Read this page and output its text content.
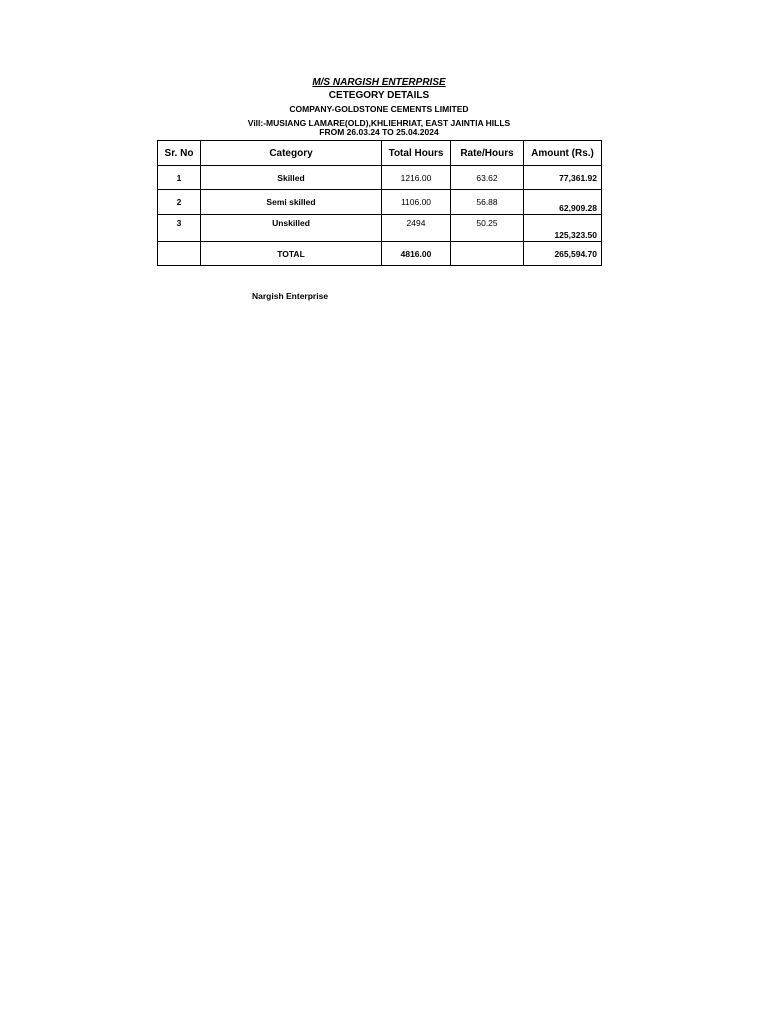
M/S NARGISH ENTERPRISE
CETEGORY DETAILS
COMPANY-GOLDSTONE CEMENTS LIMITED
Vill:-MUSIANG LAMARE(OLD),KHLIEHRIAT, EAST JAINTIA HILLS
FROM 26.03.24 TO 25.04.2024
Sr. No	Category	Total Hours	Rate/Hours	Amount (Rs.)
1	Skilled	1216.00	63.62	77,361.92
2	Semi skilled	1106.00	56.88	62,909.28
3	Unskilled	2494	50.25	125,323.50
	TOTAL	4816.00		265,594.70
Nargish Enterprise
